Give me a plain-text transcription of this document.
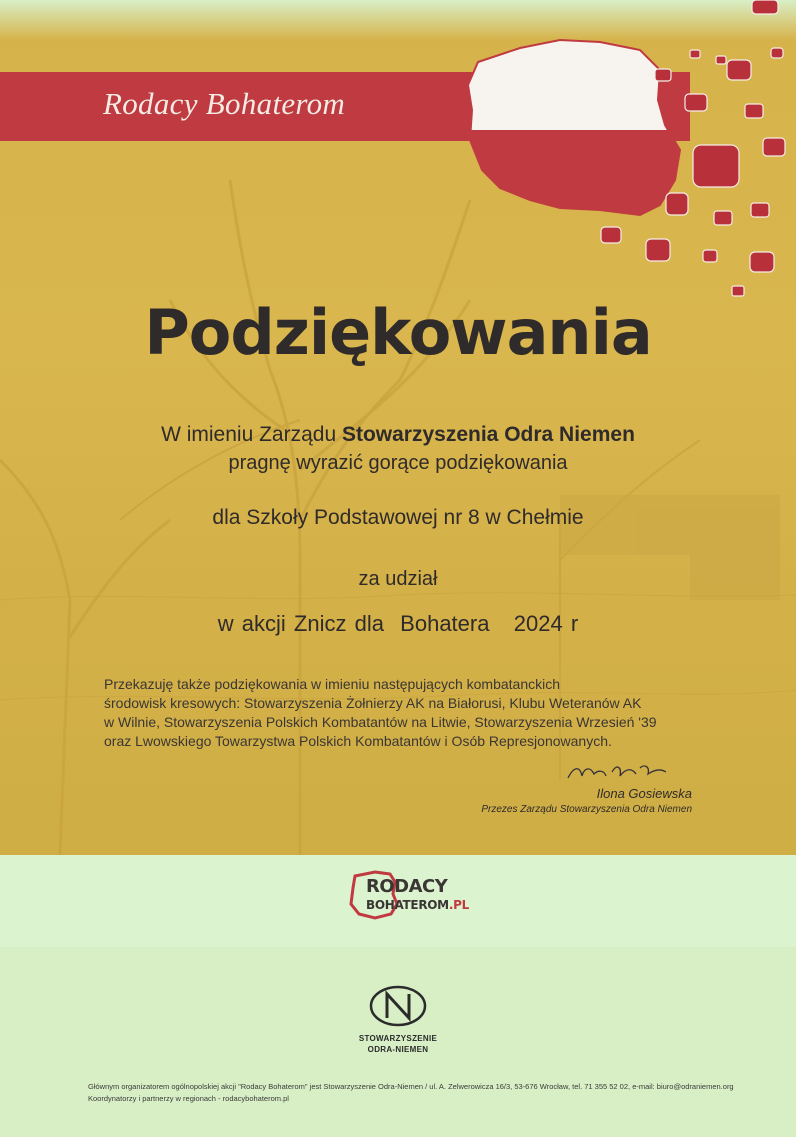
Rodacy Bohaterom
Podziękowania
W imieniu Zarządu Stowarzyszenia Odra Niemen
pragnę wyrazić gorące podziękowania
dla Szkoły Podstawowej nr 8 w Chełmie
za udział
w akcji Znicz dla  Bohatera   2024 r
Przekazuję także podziękowania w imieniu następujących kombatanckich
środowisk kresowych: Stowarzyszenia Żołnierzy AK na Białorusi, Klubu Weteranów AK
w Wilnie, Stowarzyszenia Polskich Kombatantów na Litwie, Stowarzyszenia Wrzesień '39
oraz Lwowskiego Towarzystwa Polskich Kombatantów i Osób Represjonowanych.
Ilona Gosiewska
Przezes Zarządu Stowarzyszenia Odra Niemen
RODACY
BOHATEROM.PL
STOWARZYSZENIE
ODRA-NIEMEN
Głównym organizatorem ogólnopolskiej akcji "Rodacy Bohaterom" jest Stowarzyszenie Odra-Niemen / ul. A. Zelwerowicza 16/3, 53-676 Wrocław, tel. 71 355 52 02, e-mail: biuro@odraniemen.org
Koordynatorzy i partnerzy w regionach - rodacybohaterom.pl
